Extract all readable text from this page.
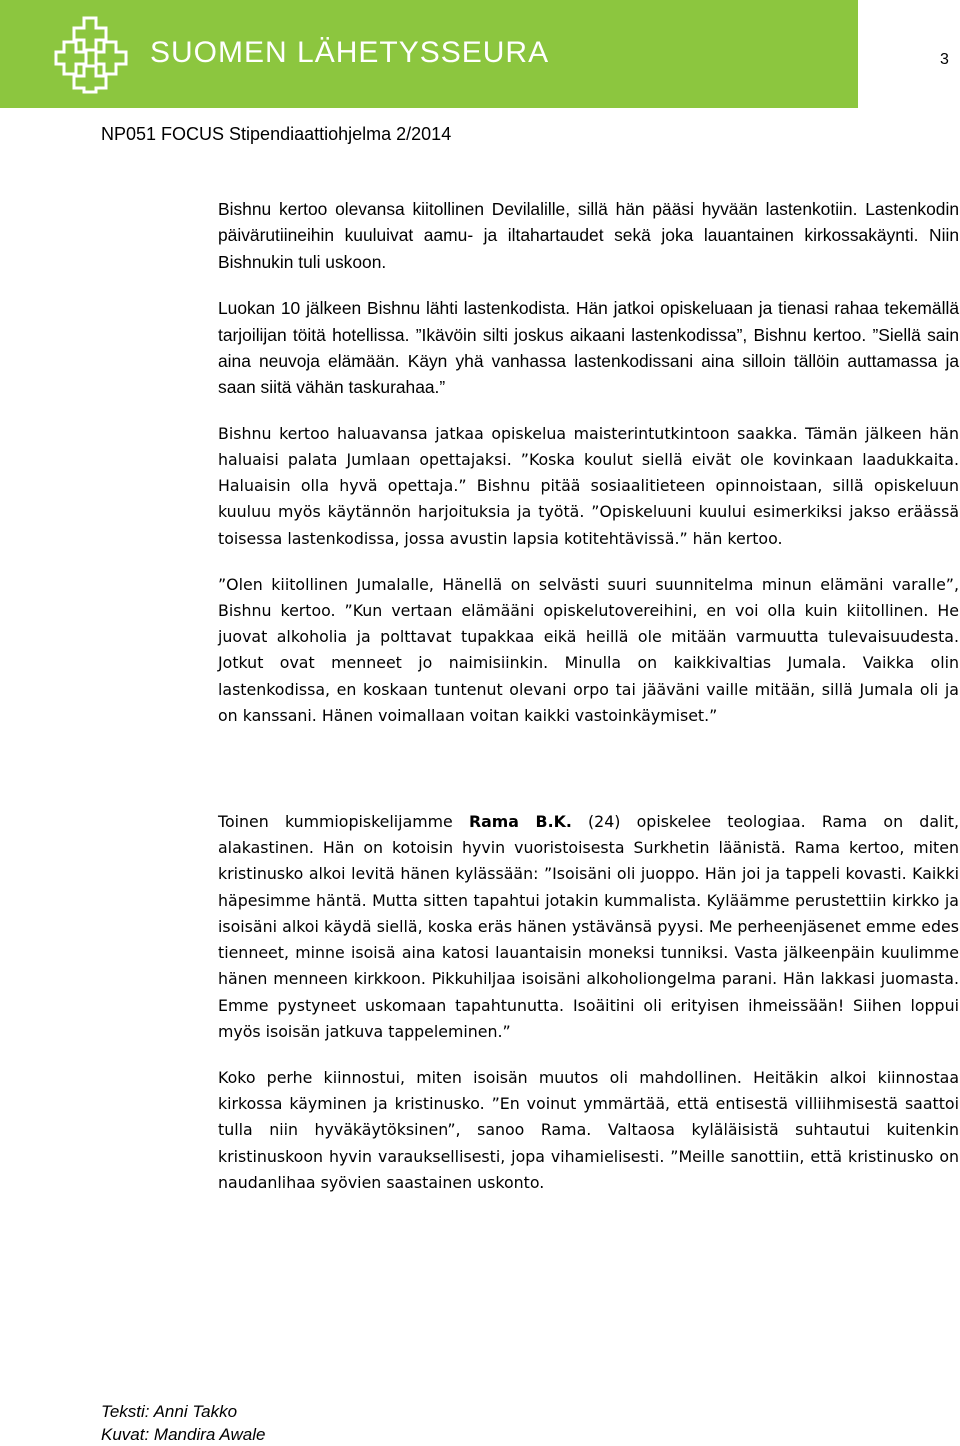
SUOMEN LÄHETYSSEURA	3
NP051 FOCUS Stipendiaattiohjelma 2/2014

Bishnu kertoo olevansa kiitollinen Devilalille, sillä hän pääsi hyvään lastenkotiin. Lastenkodin päivärutiineihin kuuluivat aamu- ja iltahartaudet sekä joka lauantainen kirkossakäynti. Niin Bishnukin tuli uskoon.

Luokan 10 jälkeen Bishnu lähti lastenkodista. Hän jatkoi opiskeluaan ja tienasi rahaa tekemällä tarjoilijan töitä hotellissa. ”Ikävöin silti joskus aikaani lastenkodissa”, Bishnu kertoo. ”Siellä sain aina neuvoja elämään. Käyn yhä vanhassa lastenkodissani aina silloin tällöin auttamassa ja saan siitä vähän taskurahaa.”

Bishnu kertoo haluavansa jatkaa opiskelua maisterintutkintoon saakka. Tämän jälkeen hän haluaisi palata Jumlaan opettajaksi. ”Koska koulut siellä eivät ole kovinkaan laadukkaita. Haluaisin olla hyvä opettaja.” Bishnu pitää sosiaalitieteen opinnoistaan, sillä opiskeluun kuuluu myös käytännön harjoituksia ja työtä. ”Opiskeluuni kuului esimerkiksi jakso eräässä toisessa lastenkodissa, jossa avustin lapsia kotitehtävissä.” hän kertoo.

”Olen kiitollinen Jumalalle, Hänellä on selvästi suuri suunnitelma minun elämäni varalle”, Bishnu kertoo. ”Kun vertaan elämääni opiskelutovereihini, en voi olla kuin kiitollinen. He juovat alkoholia ja polttavat tupakkaa eikä heillä ole mitään varmuutta tulevaisuudesta. Jotkut ovat menneet jo naimisiinkin. Minulla on kaikkivaltias Jumala. Vaikka olin lastenkodissa, en koskaan tuntenut olevani orpo tai jääväni vaille mitään, sillä Jumala oli ja on kanssani. Hänen voimallaan voitan kaikki vastoinkäymiset.”

Toinen kummiopiskelijamme Rama B.K. (24) opiskelee teologiaa. Rama on dalit, alakastinen. Hän on kotoisin hyvin vuoristoisesta Surkhetin läänistä. Rama kertoo, miten kristinusko alkoi levitä hänen kylässään: ”Isoisäni oli juoppo. Hän joi ja tappeli kovasti. Kaikki häpesimme häntä. Mutta sitten tapahtui jotakin kummalista. Kyläämme perustettiin kirkko ja isoisäni alkoi käydä siellä, koska eräs hänen ystävänsä pyysi. Me perheenjäsenet emme edes tienneet, minne isoisä aina katosi lauantaisin moneksi tunniksi. Vasta jälkeenpäin kuulimme hänen menneen kirkkoon. Pikkuhiljaa isoisäni alkoholiongelma parani. Hän lakkasi juomasta. Emme pystyneet uskomaan tapahtunutta. Isoäitini oli erityisen ihmeissään! Siihen loppui myös isoisän jatkuva tappeleminen.”

Koko perhe kiinnostui, miten isoisän muutos oli mahdollinen. Heitäkin alkoi kiinnostaa kirkossa käyminen ja kristinusko. ”En voinut ymmärtää, että entisestä villiihmisestä saattoi tulla niin hyväkäytöksinen”, sanoo Rama. Valtaosa kyläläisistä suhtautui kuitenkin kristinuskoon hyvin varauksellisesti, jopa vihamielisesti. ”Meille sanottiin, että kristinusko on naudanlihaa syövien saastainen uskonto.

Teksti: Anni Takko
Kuvat: Mandira Awale
